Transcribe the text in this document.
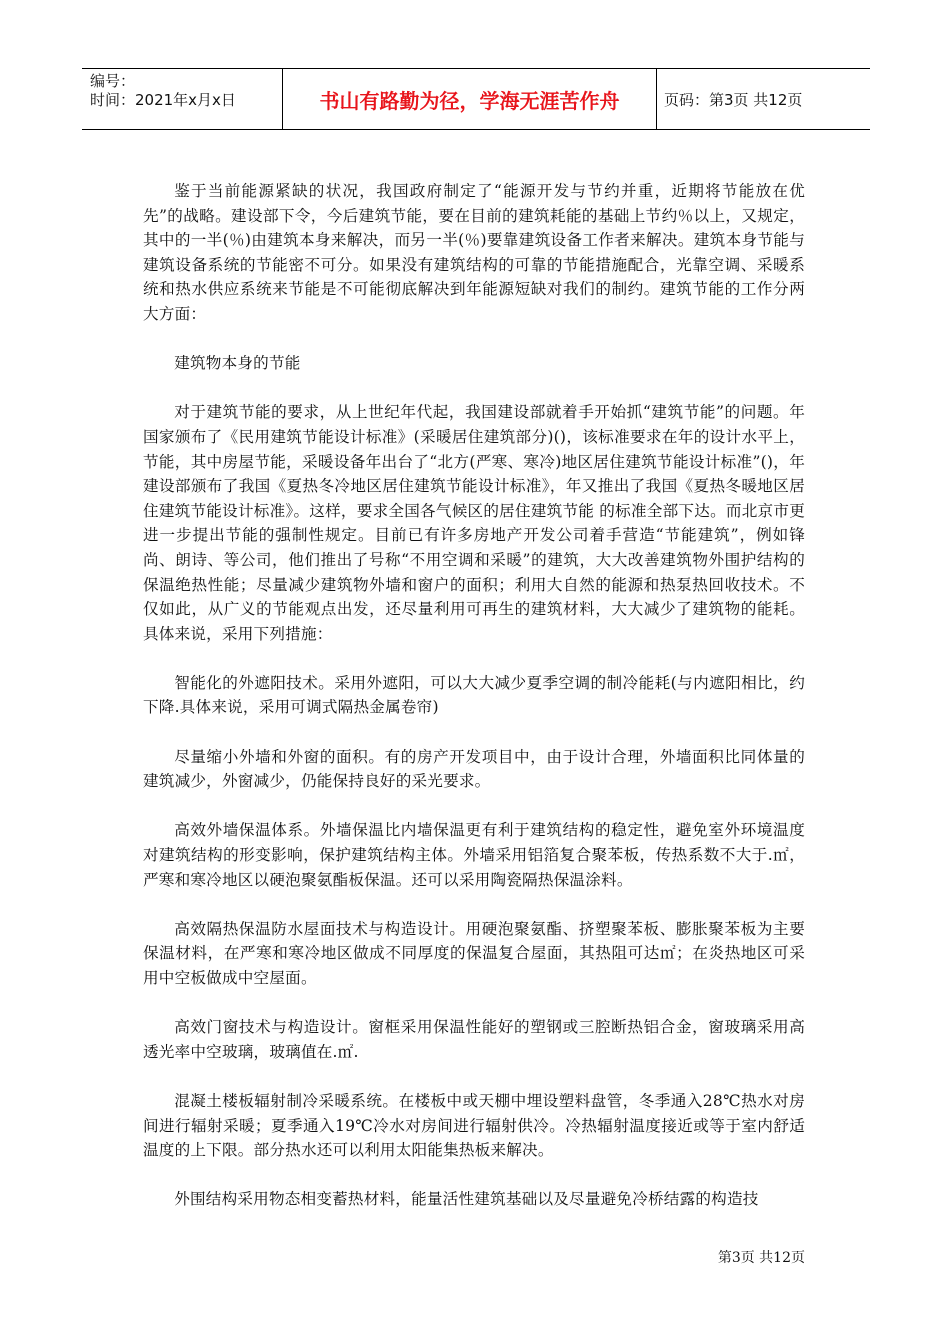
编号：
时间：2021年x月x日	书山有路勤为径，学海无涯苦作舟	页码：第3页 共12页

鉴于当前能源紧缺的状况，我国政府制定了“能源开发与节约并重，近期将节能放在优先”的战略。建设部下令，今后建筑节能，要在目前的建筑耗能的基础上节约％以上，又规定，其中的一半(％)由建筑本身来解决，而另一半(％)要靠建筑设备工作者来解决。建筑本身节能与建筑设备系统的节能密不可分。如果没有建筑结构的可靠的节能措施配合，光靠空调、采暖系统和热水供应系统来节能是不可能彻底解决到年能源短缺对我们的制约。建筑节能的工作分两大方面：

建筑物本身的节能

对于建筑节能的要求，从上世纪年代起，我国建设部就着手开始抓“建筑节能”的问题。年国家颁布了《民用建筑节能设计标准》(采暖居住建筑部分)()，该标准要求在年的设计水平上，节能，其中房屋节能，采暖设备年出台了“北方(严寒、寒冷)地区居住建筑节能设计标准”()，年建设部颁布了我国《夏热冬冷地区居住建筑节能设计标准》，年又推出了我国《夏热冬暖地区居住建筑节能设计标准》。这样，要求全国各气候区的居住建筑节能 的标准全部下达。而北京市更进一步提出节能的强制性规定。目前已有许多房地产开发公司着手营造“节能建筑”，例如锋尚、朗诗、等公司，他们推出了号称“不用空调和采暖”的建筑，大大改善建筑物外围护结构的保温绝热性能；尽量减少建筑物外墙和窗户的面积；利用大自然的能源和热泵热回收技术。不仅如此，从广义的节能观点出发，还尽量利用可再生的建筑材料，大大减少了建筑物的能耗。具体来说，采用下列措施：

智能化的外遮阳技术。采用外遮阳，可以大大减少夏季空调的制冷能耗(与内遮阳相比，约下降.具体来说，采用可调式隔热金属卷帘)

尽量缩小外墙和外窗的面积。有的房产开发项目中，由于设计合理，外墙面积比同体量的建筑减少，外窗减少，仍能保持良好的采光要求。

高效外墙保温体系。外墙保温比内墙保温更有利于建筑结构的稳定性，避免室外环境温度对建筑结构的形变影响，保护建筑结构主体。外墙采用铝箔复合聚苯板，传热系数不大于.㎡，严寒和寒冷地区以硬泡聚氨酯板保温。还可以采用陶瓷隔热保温涂料。

高效隔热保温防水屋面技术与构造设计。用硬泡聚氨酯、挤塑聚苯板、膨胀聚苯板为主要保温材料，在严寒和寒冷地区做成不同厚度的保温复合屋面，其热阻可达㎡；在炎热地区可采用中空板做成中空屋面。

高效门窗技术与构造设计。窗框采用保温性能好的塑钢或三腔断热铝合金，窗玻璃采用高透光率中空玻璃，玻璃值在.㎡.

混凝土楼板辐射制冷采暖系统。在楼板中或天棚中埋设塑料盘管，冬季通入28℃热水对房间进行辐射采暖；夏季通入19℃冷水对房间进行辐射供冷。冷热辐射温度接近或等于室内舒适温度的上下限。部分热水还可以利用太阳能集热板来解决。

外围结构采用物态相变蓄热材料，能量活性建筑基础以及尽量避免冷桥结露的构造技

第3页 共12页
